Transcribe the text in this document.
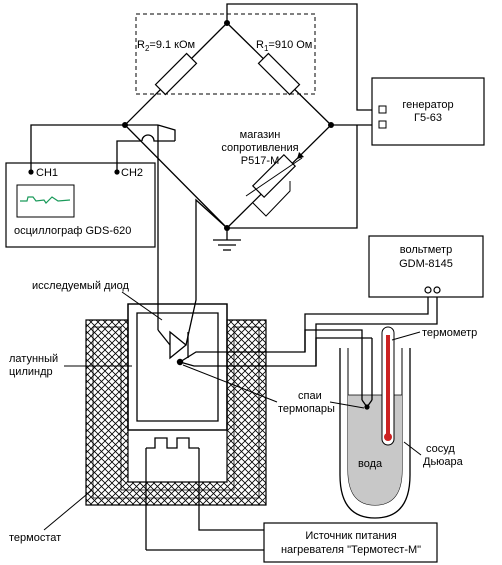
$R_2=9.1$ кОм	$R_1=910$ Ом
магазин
сопротивления
Р517-М
генератор
Г5-63
CH1	CH2
осциллограф GDS-620
вольтметр
GDM-8145
Источник питания
нагревателя "Термотест-М"
исследуемый диод
латунный
цилиндр
термометр
спаи
термопары
вода
сосуд
Дьюара
термостат
